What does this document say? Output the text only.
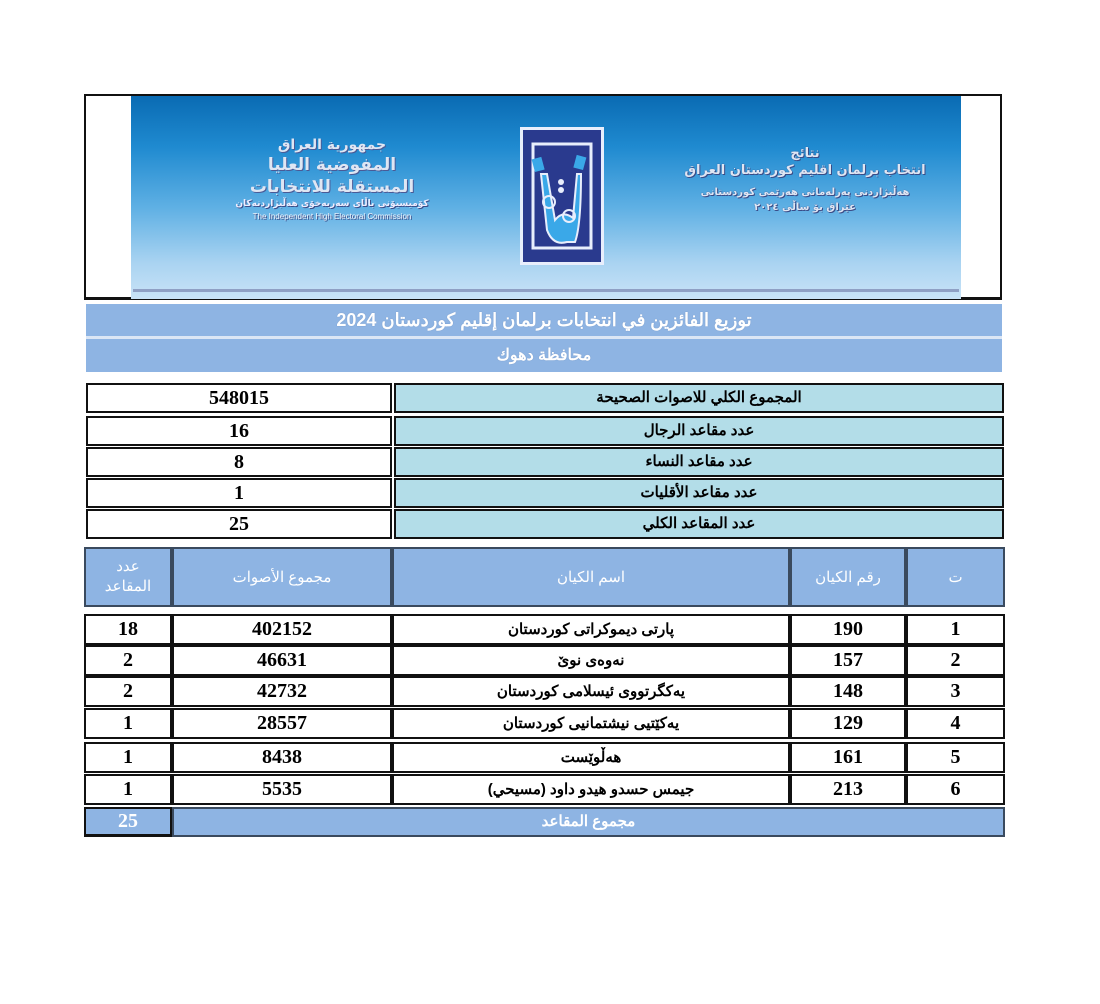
جمهورية العراق
المفوضية العليا المستقلة للانتخابات
کۆمیسیۆنی باڵای سەربەخۆی هەڵبژاردنەکان
The Independent High Electoral Commission
نتائج
انتخاب برلمان اقليم كوردستان العراق
هەڵبژاردنی پەرلەمانی هەرێمی کوردستانی
عێراق بۆ ساڵی ٢٠٢٤
توزيع الفائزين في انتخابات برلمان إقليم كوردستان 2024
محافظة دهوك
548015	المجموع الكلي للاصوات الصحيحة
16	عدد مقاعد الرجال
8	عدد مقاعد النساء
1	عدد مقاعد الأقليات
25	عدد المقاعد الكلي
عدد
المقاعد
مجموع الأصوات	اسم الكيان	رقم الكيان	ت
18	402152	پارتی دیموکراتی کوردستان	190	1
2	46631	نەوەی نوێ	157	2
2	42732	یەکگرتووی ئیسلامی کوردستان	148	3
1	28557	یەکێتیی نیشتمانیی کوردستان	129	4
1	8438	هەڵوێست	161	5
1	5535	جيمس حسدو هيدو داود (مسيحي)	213	6
25	مجموع المقاعد
